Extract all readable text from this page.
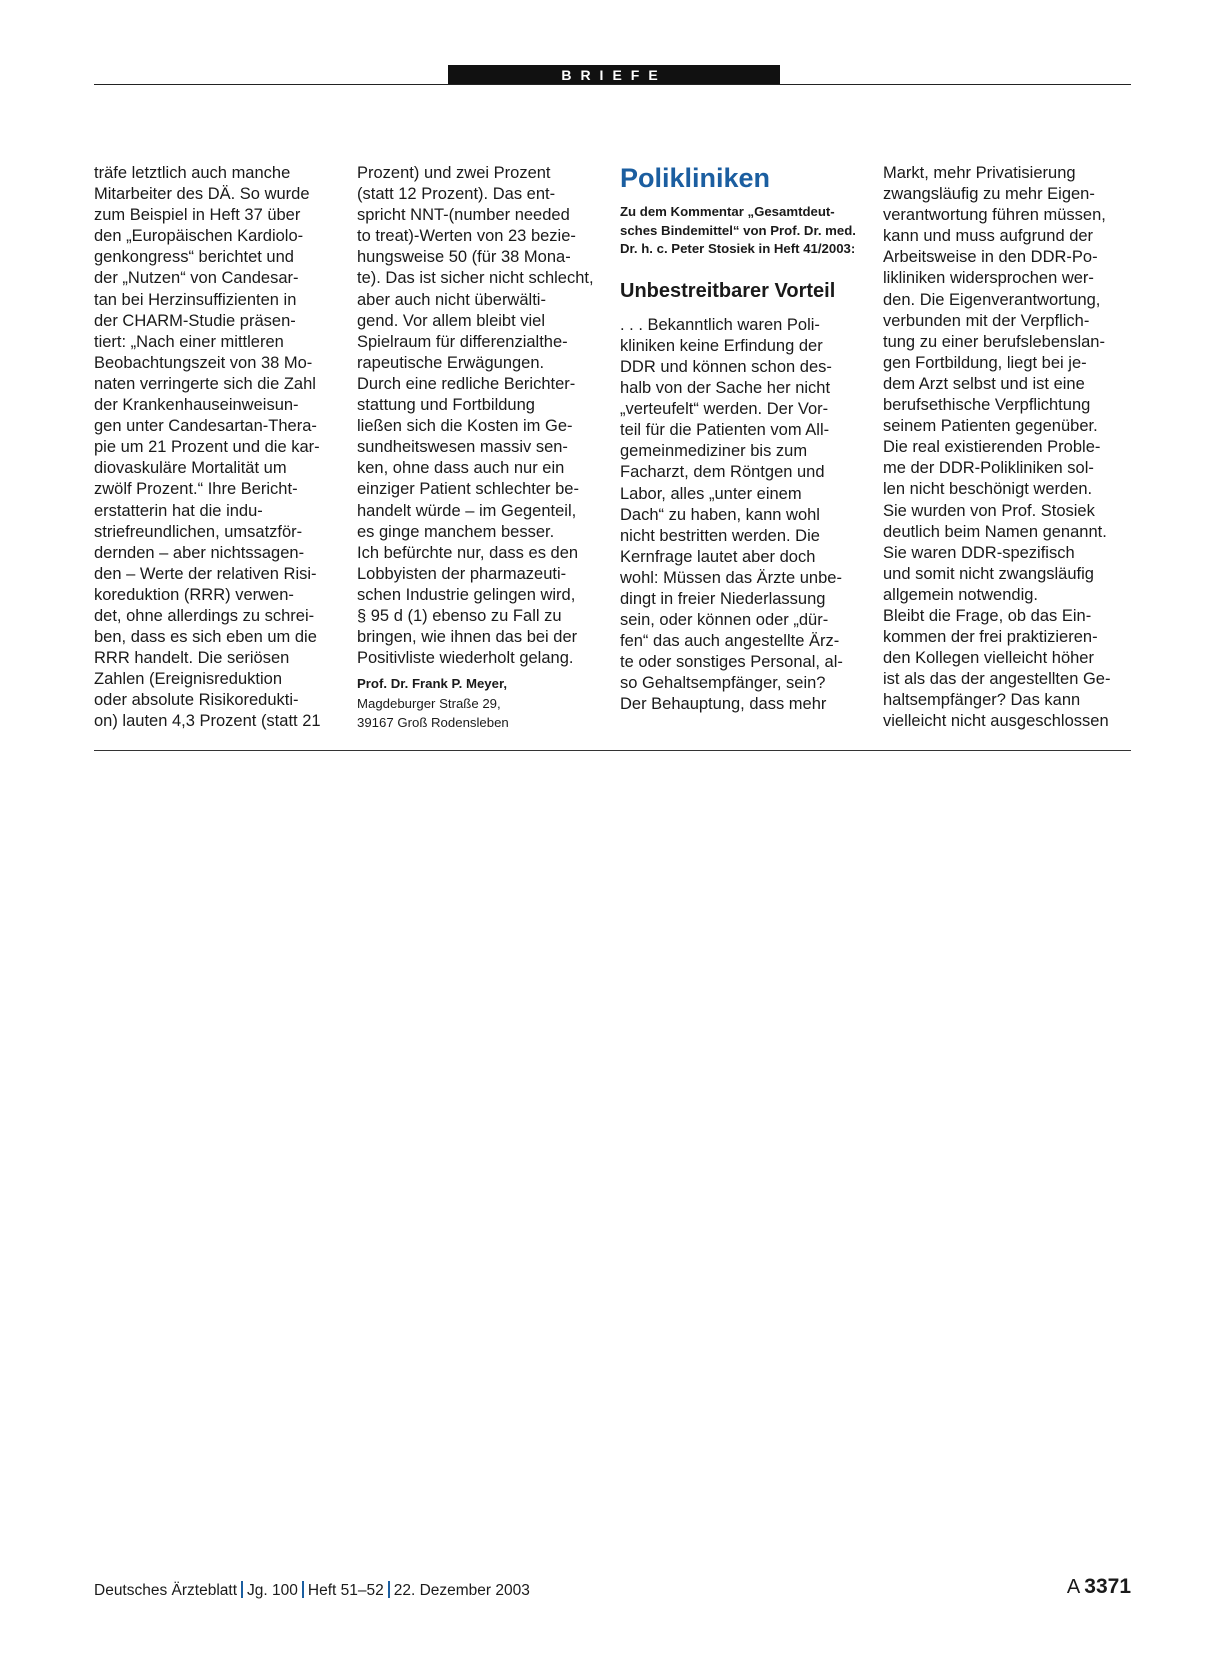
BRIEFE
träfe letztlich auch manche
Mitarbeiter des DÄ. So wurde
zum Beispiel in Heft 37 über
den „Europäischen Kardiolo-
genkongress“ berichtet und
der „Nutzen“ von Candesar-
tan bei Herzinsuffizienten in
der CHARM-Studie präsen-
tiert: „Nach einer mittleren
Beobachtungszeit von 38 Mo-
naten verringerte sich die Zahl
der Krankenhauseinweisun-
gen unter Candesartan-Thera-
pie um 21 Prozent und die kar-
diovaskuläre Mortalität um
zwölf Prozent.“ Ihre Bericht-
erstatterin hat die indu-
striefreundlichen, umsatzför-
dernden – aber nichtssagen-
den – Werte der relativen Risi-
koreduktion (RRR) verwen-
det, ohne allerdings zu schrei-
ben, dass es sich eben um die
RRR handelt. Die seriösen
Zahlen (Ereignisreduktion
oder absolute Risikoredukti-
on) lauten 4,3 Prozent (statt 21
Prozent) und zwei Prozent
(statt 12 Prozent). Das ent-
spricht NNT-(number needed
to treat)-Werten von 23 bezie-
hungsweise 50 (für 38 Mona-
te). Das ist sicher nicht schlecht,
aber auch nicht überwälti-
gend. Vor allem bleibt viel
Spielraum für differenzialthe-
rapeutische Erwägungen.
Durch eine redliche Berichter-
stattung und Fortbildung
ließen sich die Kosten im Ge-
sundheitswesen massiv sen-
ken, ohne dass auch nur ein
einziger Patient schlechter be-
handelt würde – im Gegenteil,
es ginge manchem besser.
Ich befürchte nur, dass es den
Lobbyisten der pharmazeuti-
schen Industrie gelingen wird,
§ 95 d (1) ebenso zu Fall zu
bringen, wie ihnen das bei der
Positivliste wiederholt gelang.
Prof. Dr. Frank P. Meyer,
Magdeburger Straße 29,
39167 Groß Rodensleben
Polikliniken
Zu dem Kommentar „Gesamtdeut-
sches Bindemittel“ von Prof. Dr. med.
Dr. h. c. Peter Stosiek in Heft 41/2003:
Unbestreitbarer Vorteil
. . . Bekanntlich waren Poli-
kliniken keine Erfindung der
DDR und können schon des-
halb von der Sache her nicht
„verteufelt“ werden. Der Vor-
teil für die Patienten vom All-
gemeinmediziner bis zum
Facharzt, dem Röntgen und
Labor, alles „unter einem
Dach“ zu haben, kann wohl
nicht bestritten werden. Die
Kernfrage lautet aber doch
wohl: Müssen das Ärzte unbe-
dingt in freier Niederlassung
sein, oder können oder „dür-
fen“ das auch angestellte Ärz-
te oder sonstiges Personal, al-
so Gehaltsempfänger, sein?
Der Behauptung, dass mehr
Markt, mehr Privatisierung
zwangsläufig zu mehr Eigen-
verantwortung führen müssen,
kann und muss aufgrund der
Arbeitsweise in den DDR-Po-
likliniken widersprochen wer-
den. Die Eigenverantwortung,
verbunden mit der Verpflich-
tung zu einer berufslebenslan-
gen Fortbildung, liegt bei je-
dem Arzt selbst und ist eine
berufsethische Verpflichtung
seinem Patienten gegenüber.
Die real existierenden Proble-
me der DDR-Polikliniken sol-
len nicht beschönigt werden.
Sie wurden von Prof. Stosiek
deutlich beim Namen genannt.
Sie waren DDR-spezifisch
und somit nicht zwangsläufig
allgemein notwendig.
Bleibt die Frage, ob das Ein-
kommen der frei praktizieren-
den Kollegen vielleicht höher
ist als das der angestellten Ge-
haltsempfänger? Das kann
vielleicht nicht ausgeschlossen
Deutsches Ärzteblatt Jg. 100 Heft 51–52 22. Dezember 2003	A  3371
